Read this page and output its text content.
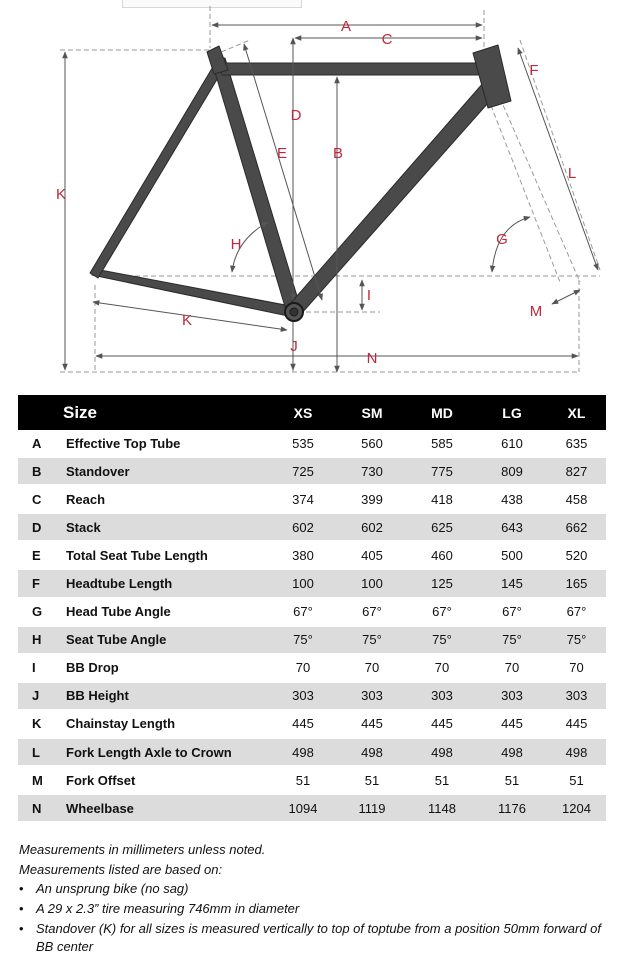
A
C
F
D
E	B
L
K
H	G
I
M
K
J
N
Size		XS	SM	MD	LG	XL
A	Effective Top Tube	535	560	585	610	635
B	Standover	725	730	775	809	827
C	Reach	374	399	418	438	458
D	Stack	602	602	625	643	662
E	Total Seat Tube Length	380	405	460	500	520
F	Headtube Length	100	100	125	145	165
G	Head Tube Angle	67°	67°	67°	67°	67°
H	Seat Tube Angle	75°	75°	75°	75°	75°
I	BB Drop	70	70	70	70	70
J	BB Height	303	303	303	303	303
K	Chainstay Length	445	445	445	445	445
L	Fork Length Axle to Crown	498	498	498	498	498
M	Fork Offset	51	51	51	51	51
N	Wheelbase	1094	1119	1148	1176	1204

Measurements in millimeters unless noted.

Measurements listed are based on:

• An unsprung bike (no sag)
• A 29 x 2.3” tire measuring 746mm in diameter
• Standover (K) for all sizes is measured vertically to top of toptube from a position 50mm forward of BB center
